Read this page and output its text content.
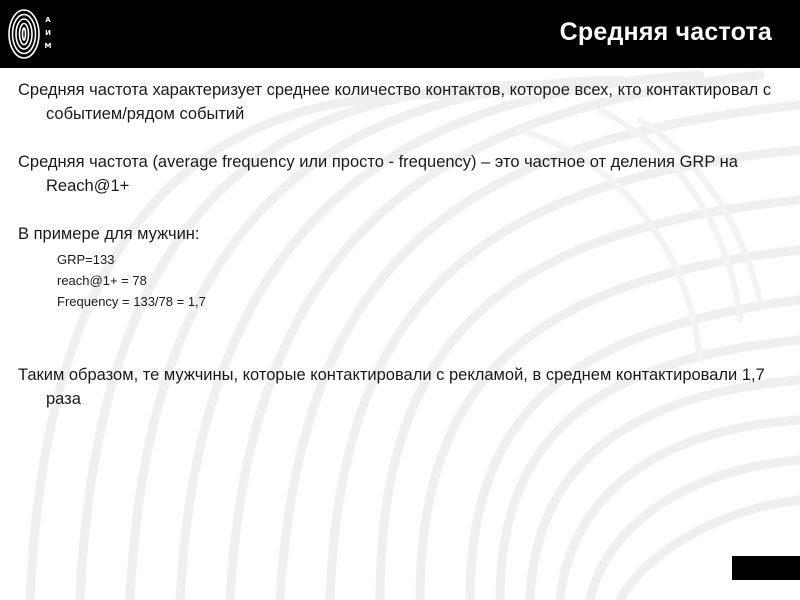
А
И
М	Средняя частота

Средняя частота характеризует среднее количество контактов, которое всех, кто контактировал с событием/рядом событий

Средняя частота (average frequency или просто - frequency) – это частное от деления GRP на Reach@1+

В примере для мужчин:

GRP=133

reach@1+ = 78

Frequency = 133/78 = 1,7

Таким образом, те мужчины, которые контактировали с рекламой, в среднем контактировали 1,7 раза
